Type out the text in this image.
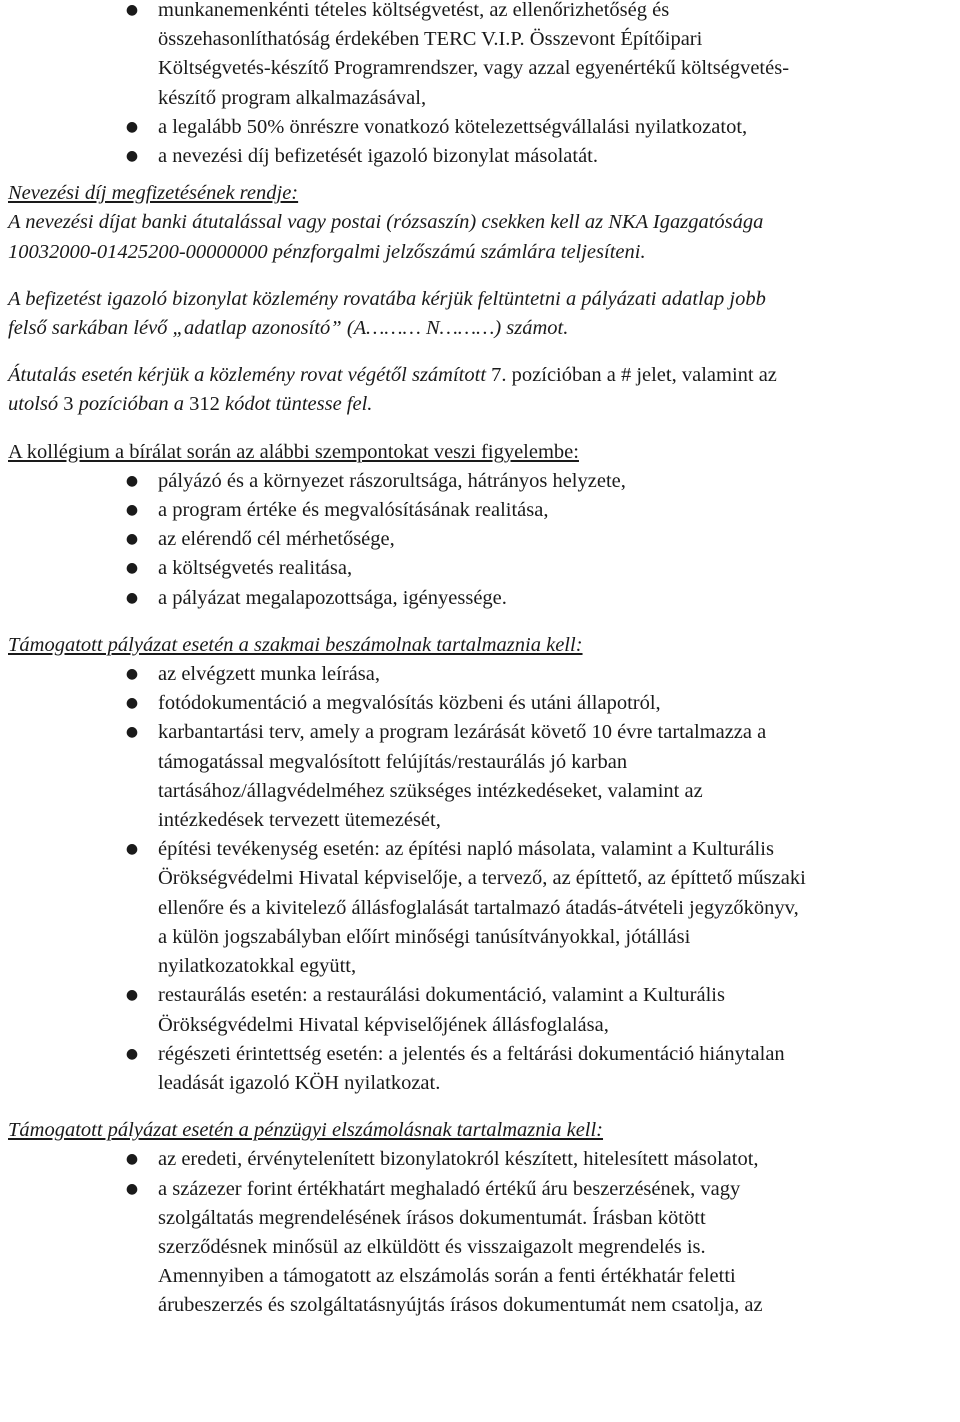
● munkanemenkénti tételes költségvetést, az ellenőrizhetőség és
összehasonlíthatóság érdekében TERC V.I.P. Összevont Építőipari
Költségvetés-készítő Programrendszer, vagy azzal egyenértékű költségvetés-
készítő program alkalmazásával,
● a legalább 50% önrészre vonatkozó kötelezettségvállalási nyilatkozatot,
● a nevezési díj befizetését igazoló bizonylat másolatát.
Nevezési díj megfizetésének rendje:
A nevezési díjat banki átutalással vagy postai (rózsaszín) csekken kell az NKA Igazgatósága
10032000-01425200-00000000 pénzforgalmi jelzőszámú számlára teljesíteni.
A befizetést igazoló bizonylat közlemény rovatába kérjük feltüntetni a pályázati adatlap jobb
felső sarkában lévő „adatlap azonosító” (A……… N………) számot.
Átutalás esetén kérjük a közlemény rovat végétől számított 7. pozícióban a # jelet, valamint az
utolsó 3 pozícióban a 312 kódot tüntesse fel.
A kollégium a bírálat során az alábbi szempontokat veszi figyelembe:
● pályázó és a környezet rászorultsága, hátrányos helyzete,
● a program értéke és megvalósításának realitása,
● az elérendő cél mérhetősége,
● a költségvetés realitása,
● a pályázat megalapozottsága, igényessége.
Támogatott pályázat esetén a szakmai beszámolnak tartalmaznia kell:
● az elvégzett munka leírása,
● fotódokumentáció a megvalósítás közbeni és utáni állapotról,
● karbantartási terv, amely a program lezárását követő 10 évre tartalmazza a
támogatással megvalósított felújítás/restaurálás jó karban
tartásához/állagvédelméhez szükséges intézkedéseket, valamint az
intézkedések tervezett ütemezését,
● építési tevékenység esetén: az építési napló másolata, valamint a Kulturális
Örökségvédelmi Hivatal képviselője, a tervező, az építtető, az építtető műszaki
ellenőre és a kivitelező állásfoglalását tartalmazó átadás-átvételi jegyzőkönyv,
a külön jogszabályban előírt minőségi tanúsítványokkal, jótállási
nyilatkozatokkal együtt,
● restaurálás esetén: a restaurálási dokumentáció, valamint a Kulturális
Örökségvédelmi Hivatal képviselőjének állásfoglalása,
● régészeti érintettség esetén: a jelentés és a feltárási dokumentáció hiánytalan
leadását igazoló KÖH nyilatkozat.
Támogatott pályázat esetén a pénzügyi elszámolásnak tartalmaznia kell:
● az eredeti, érvénytelenített bizonylatokról készített, hitelesített másolatot,
● a százezer forint értékhatárt meghaladó értékű áru beszerzésének, vagy
szolgáltatás megrendelésének írásos dokumentumát. Írásban kötött
szerződésnek minősül az elküldött és visszaigazolt megrendelés is.
Amennyiben a támogatott az elszámolás során a fenti értékhatár feletti
árubeszerzés és szolgáltatásnyújtás írásos dokumentumát nem csatolja, az
